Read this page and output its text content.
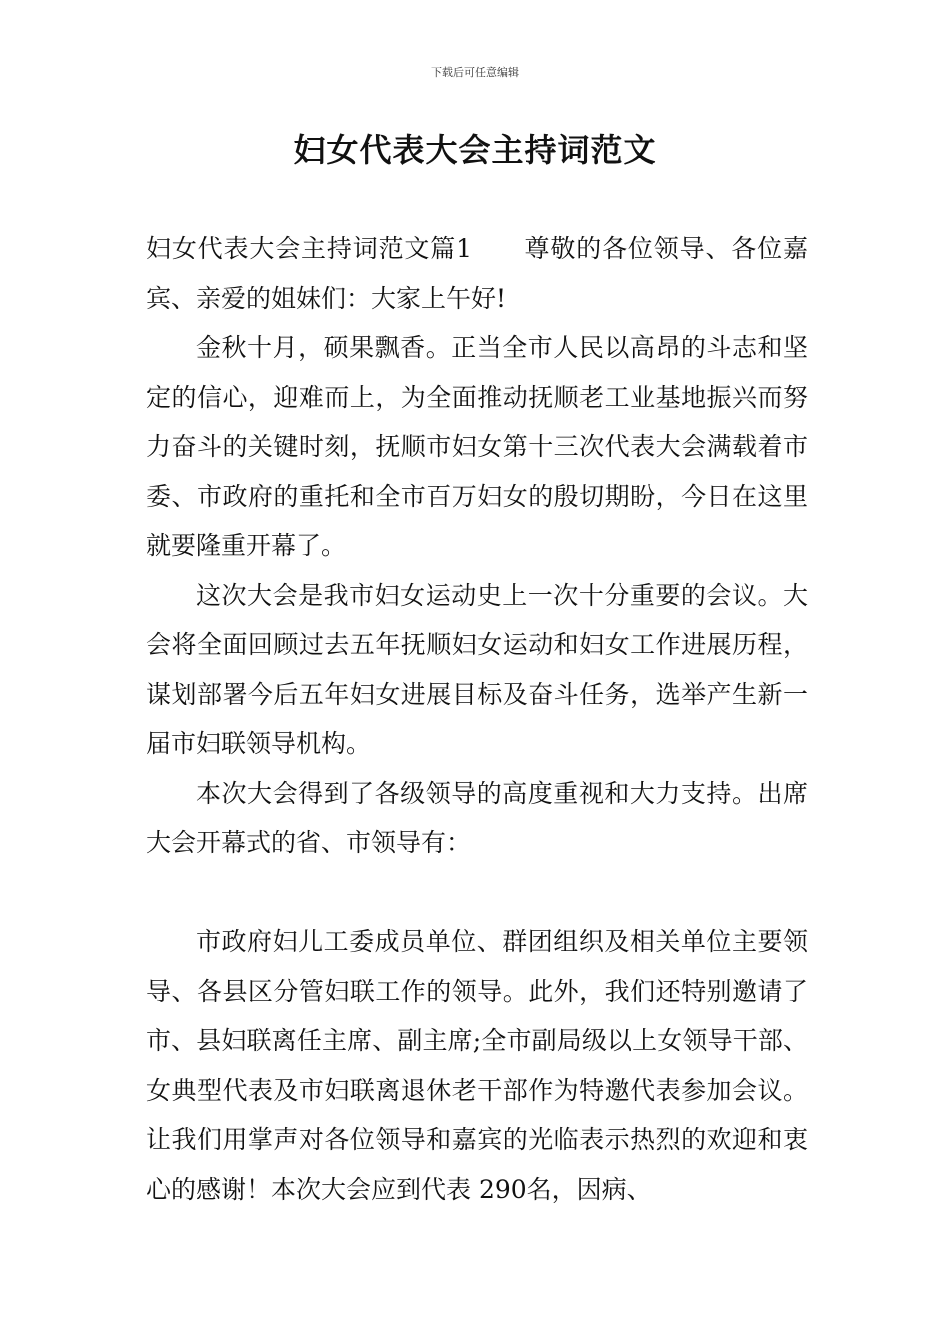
下载后可任意编辑
妇女代表大会主持词范文

妇女代表大会主持词范文篇1　　尊敬的各位领导、各位嘉宾、亲爱的姐妹们：大家上午好!

金秋十月，硕果飘香。正当全市人民以高昂的斗志和坚定的信心，迎难而上，为全面推动抚顺老工业基地振兴而努力奋斗的关键时刻，抚顺市妇女第十三次代表大会满载着市委、市政府的重托和全市百万妇女的殷切期盼，今日在这里就要隆重开幕了。

这次大会是我市妇女运动史上一次十分重要的会议。大会将全面回顾过去五年抚顺妇女运动和妇女工作进展历程，谋划部署今后五年妇女进展目标及奋斗任务，选举产生新一届市妇联领导机构。

本次大会得到了各级领导的高度重视和大力支持。出席大会开幕式的省、市领导有：

市政府妇儿工委成员单位、群团组织及相关单位主要领导、各县区分管妇联工作的领导。此外，我们还特别邀请了市、县妇联离任主席、副主席;全市副局级以上女领导干部、女典型代表及市妇联离退休老干部作为特邀代表参加会议。让我们用掌声对各位领导和嘉宾的光临表示热烈的欢迎和衷心的感谢！本次大会应到代表 290名，因病、
